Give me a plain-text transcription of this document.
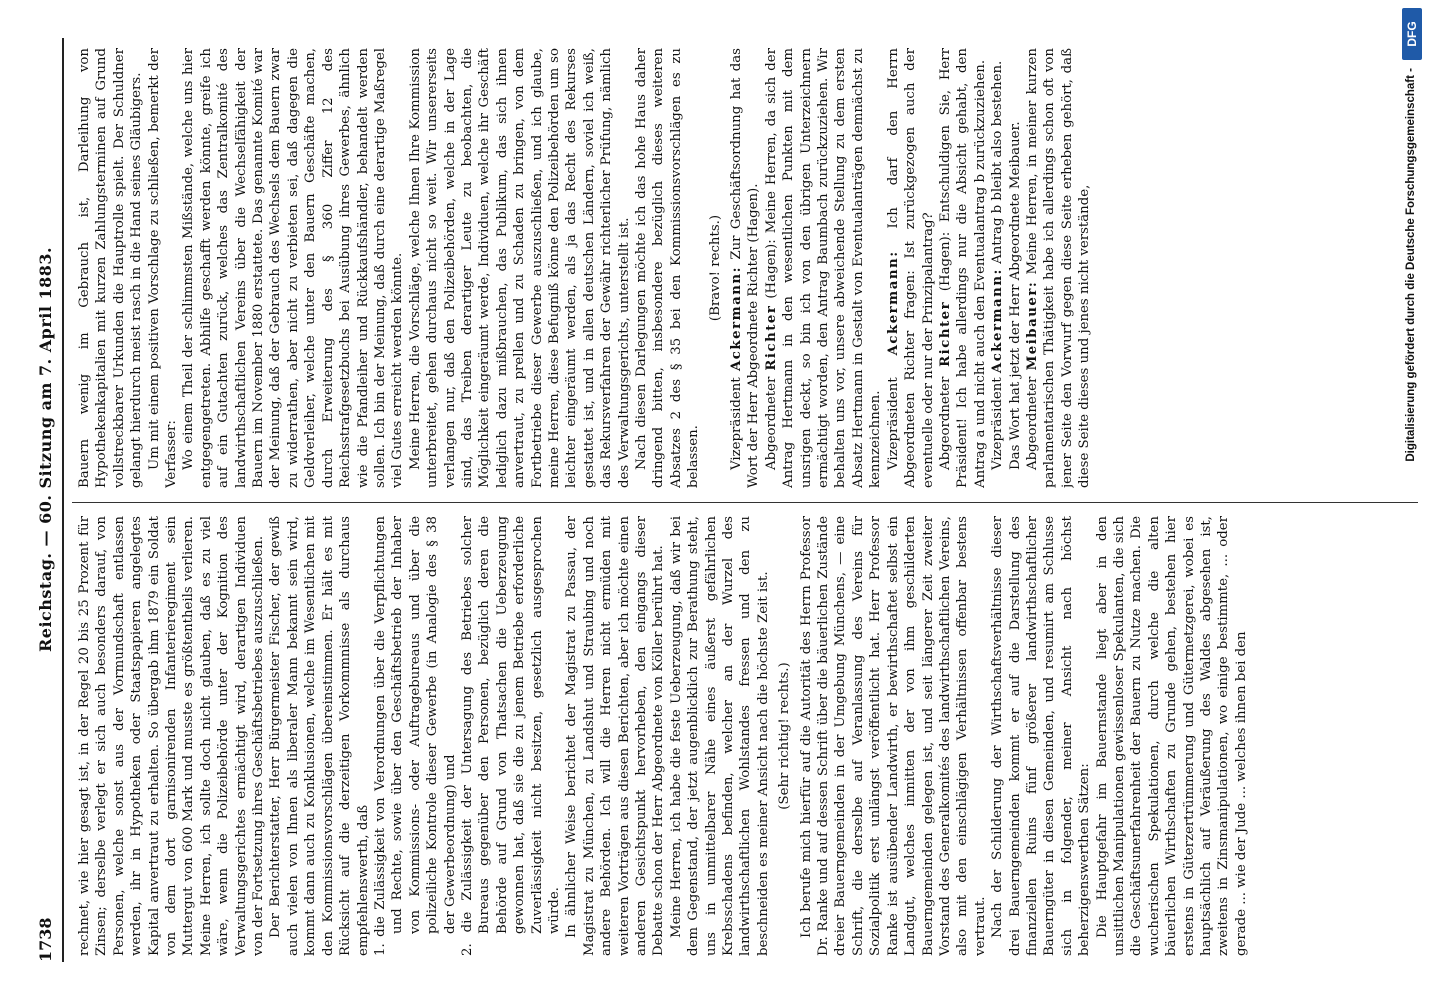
1738
Reichstag. — 60. Sitzung am 7. April 1883.

rechnet, wie hier gesagt ist, in der Regel 20 bis 25 Prozent für Zinsen; derselbe verlegt er sich auch besonders darauf, von Personen, welche sonst aus der Vormundschaft entlassen werden, ihr in Hypotheken oder Staatspapieren angelegtes Kapital anvertraut zu erhalten. So übergab ihm 1879 ein Soldat von dem dort garnisonirenden Infanterieregiment sein Muttergut von 600 Mark und musste es größtentheils verlieren. Meine Herren, ich sollte doch nicht glauben, daß es zu viel wäre, wenn die Polizeibehörde unter der Kognition des Verwaltungsgerichtes ermächtigt wird, derartigen Individuen von der Fortsetzung ihres Geschäftsbetriebes auszuschließen. Der Berichterstatter, Herr Bürgermeister Fischer, der gewiß auch vielen von Ihnen als liberaler Mann bekannt sein wird, kommt dann auch zu Konklusionen, welche im Wesentlichen mit den Kommissionsvorschlägen übereinstimmen. Er hält es mit Rücksicht auf die derzeitigen Vorkommnisse als durchaus empfehlenswerth, daß 1. die Zulässigkeit von Verordnungen über die Verpflichtungen und Rechte, sowie über den Geschäftsbetrieb der Inhaber von Kommissions- oder Auftragebureaus und über die polizeiliche Kontrole dieser Gewerbe (in Analogie des § 38 der Gewerbeordnung) und 2. die Zulässigkeit der Untersagung des Betriebes solcher Bureaus gegenüber den Personen, bezüglich deren die Behörde auf Grund von Thatsachen die Ueberzeugung gewonnen hat, daß sie die zu jenem Betriebe erforderliche Zuverlässigkeit nicht besitzen, gesetzlich ausgesprochen würde. In ähnlicher Weise berichtet der Magistrat zu Passau, der Magistrat zu München, zu Landshut und Straubing und noch andere Behörden. Ich will die Herren nicht ermüden mit weiteren Vorträgen aus diesen Berichten, aber ich möchte einen anderen Gesichtspunkt hervorheben, den eingangs dieser Debatte schon der Herr Abgeordnete von Köller berührt hat. Meine Herren, ich habe die feste Ueberzeugung, daß wir bei dem Gegenstand, der jetzt augenblicklich zur Berathung steht, uns in unmittelbarer Nähe eines äußerst gefährlichen Krebsschadens befinden, welcher an der Wurzel des landwirthschaftlichen Wohlstandes fressen und den zu beschneiden es meiner Ansicht nach die höchste Zeit ist. (Sehr richtig! rechts.) Ich berufe mich hierfür auf die Autorität des Herrn Professor Dr. Ranke und auf dessen Schrift über die bäuerlichen Zustände dreier Bauerngemeinden in der Umgebung Münchens, — eine Schrift, die derselbe auf Veranlassung des Vereins für Sozialpolitik erst unlängst veröffentlicht hat. Herr Professor Ranke ist ausübender Landwirth, er bewirthschaftet selbst ein Landgut, welches inmitten der von ihm geschilderten Bauerngemeinden gelegen ist, und seit längerer Zeit zweiter Vorstand des Generalkomités des landwirthschaftlichen Vereins, also mit den einschlägigen Verhältnissen offenbar bestens vertraut. Nach der Schilderung der Wirthschaftsverhältnisse dieser drei Bauerngemeinden kommt er auf die Darstellung des finanziellen Ruins fünf größerer landwirthschaftlicher Bauerngüter in diesen Gemeinden, und resumirt am Schlusse sich in folgender, meiner Ansicht nach höchst beherzigenswerthen Sätzen: Die Hauptgefahr im Bauernstande liegt aber in den unsittlichen Manipulationen gewissenloser Spekulanten, die sich die Geschäftsunerfahrenheit der Bauern zu Nutze machen. Die wucherischen Spekulationen, durch welche die alten bäuerlichen Wirthschaften zu Grunde gehen, bestehen hier erstens in Güterzertrümmerung und Gütermetzgerei, wobei es hauptsächlich auf Veräußerung des Waldes abgesehen ist, zweitens in Zinsmanipulationen, wo einige bestimmte, ... oder gerade ... wie der Jude ... welches ihnen bei den

Bauern wenig im Gebrauch ist, Darleihung von Hypothekenkapitalien mit kurzen Zahlungsterminen auf Grund vollstreckbarer Urkunden die Hauptrolle spielt. Der Schuldner gelangt hierdurch meist rasch in die Hand seines Gläubigers. Um mit einem positiven Vorschlage zu schließen, bemerkt der Verfasser: Wo einem Theil der schlimmsten Mißstände, welche uns hier entgegengetreten. Abhilfe geschafft werden könnte, greife ich auf ein Gutachten zurück, welches das Zentralkomité des landwirthschaftlichen Vereins über die Wechselfähigkeit der Bauern im November 1880 erstattete. Das genannte Komité war der Meinung, daß der Gebrauch des Wechsels dem Bauern zwar zu widerrathen, aber nicht zu verbieten sei, daß dagegen die Geldverleiher, welche unter den Bauern Geschäfte machen, durch Erweiterung des § 360 Ziffer 12 des Reichsstrafgesetzbuchs bei Ausübung ihres Gewerbes, ähnlich wie die Pfandleiher und Rückkaufshändler, behandelt werden sollen. Ich bin der Meinung, daß durch eine derartige Maßregel viel Gutes erreicht werden könnte. Meine Herren, die Vorschläge, welche Ihnen Ihre Kommission unterbreitet, gehen durchaus nicht so weit. Wir unsererseits verlangen nur, daß den Polizeibehörden, welche in der Lage sind, das Treiben derartiger Leute zu beobachten, die Möglichkeit eingeräumt werde, Individuen, welche ihr Geschäft lediglich dazu mißbrauchen, das Publikum, das sich ihnen anvertraut, zu prellen und zu Schaden zu bringen, von dem Fortbetriebe dieser Gewerbe auszuschließen, und ich glaube, meine Herren, diese Befugniß könne den Polizeibehörden um so leichter eingeräumt werden, als ja das Recht des Rekurses gestattet ist, und in allen deutschen Ländern, soviel ich weiß, das Rekursverfahren der Gewähr richterlicher Prüfung, nämlich des Verwaltungsgerichts, unterstellt ist. Nach diesen Darlegungen möchte ich das hohe Haus daher dringend bitten, insbesondere bezüglich dieses weiteren Absatzes 2 des § 35 bei den Kommissionsvorschlägen es zu belassen.

(Bravo! rechts.)

Vizepräsident Ackermann: Zur Geschäftsordnung hat das Wort der Herr Abgeordnete Richter (Hagen). Abgeordneter Richter (Hagen): Meine Herren, da sich der Antrag Hertmann in den wesentlichen Punkten mit dem unsrigen deckt, so bin ich von den übrigen Unterzeichnern ermächtigt worden, den Antrag Baumbach zurückzuziehen. Wir behalten uns vor, unsere abweichende Stellung zu dem ersten Absatz Hertmann in Gestalt von Eventualanträgen demnächst zu kennzeichnen. Vizepräsident Ackermann: Ich darf den Herrn Abgeordneten Richter fragen: Ist zurückgezogen auch der eventuelle oder nur der Prinzipalantrag? Abgeordneter Richter (Hagen): Entschuldigen Sie, Herr Präsident! Ich habe allerdings nur die Absicht gehabt, den Antrag a und nicht auch den Eventualantrag b zurückzuziehen. Vizepräsident Ackermann: Antrag b bleibt also bestehen. Das Wort hat jetzt der Herr Abgeordnete Meibauer. Abgeordneter Meibauer: Meine Herren, in meiner kurzen parlamentarischen Thätigkeit habe ich allerdings schon oft von jener Seite den Vorwurf gegen diese Seite erheben gehört, daß diese Seite dieses und jenes nicht verstände,	Digitalisierung gefördert durch die Deutsche Forschungsgemeinschaft -
DFG
